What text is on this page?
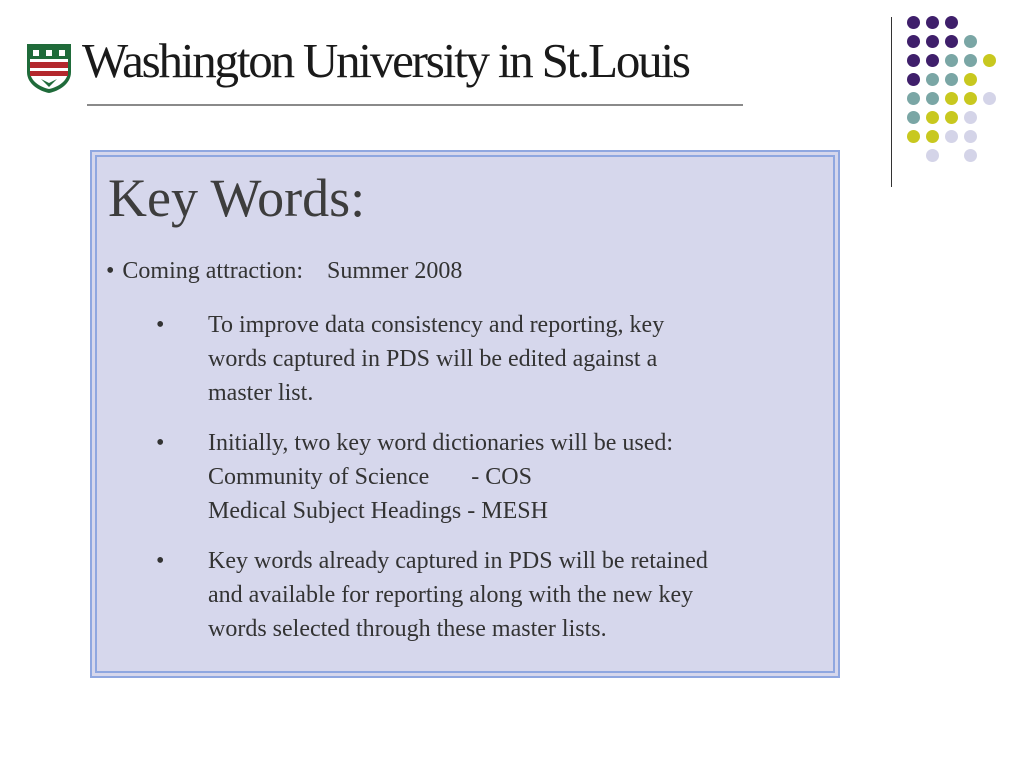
Washington University in St.Louis
Key Words:
• Coming attraction:    Summer 2008
• To improve data consistency and reporting, key
words captured in PDS will be edited against a
master list.
• Initially, two key word dictionaries will be used:
Community of Science       - COS
Medical Subject Headings - MESH
• Key words already captured in PDS will be retained
and available for reporting along with the new key
words selected through these master lists.
